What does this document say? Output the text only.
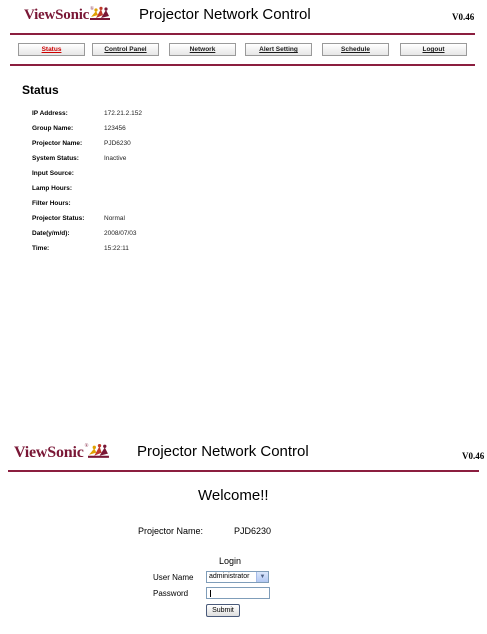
ViewSonic®	Projector Network Control	V0.46
Status	Control Panel	Network	Alert Setting	Schedule	Logout
Status
IP Address:	172.21.2.152
Group Name:	123456
Projector Name:	PJD6230
System Status:	Inactive
Input Source:
Lamp Hours:
Filter Hours:
Projector Status:	Normal
Date(y/m/d):	2008/07/03
Time:	15:22:11
ViewSonic®	Projector Network Control	V0.46
Welcome!!
Projector Name:	PJD6230
Login
User Name	administrator	▼
Password
Submit
